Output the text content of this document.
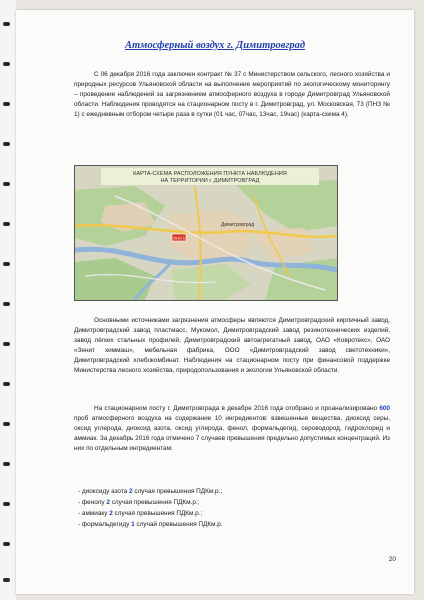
Атмосферный воздух г. Димитровград

С 06 декабря 2016 года заключен контракт № 37 с Министерством сельского, лесного хозяйства и природных ресурсов Ульяновской области на выполнение мероприятий по экологическому мониторингу – проведение наблюдений за загрязнением атмосферного воздуха в городе Димитровград Ульяновской области. Наблюдения проводятся на стационарном посту в г. Димитровград, ул. Московская, 73 (ПНЗ № 1) с ежедневным отбором четыре раза в сутки (01 час, 07час, 13час, 19час) (карта-схема 4).

КАРТА-СХЕМА РАСПОЛОЖЕНИЯ ПУНКТА НАБЛЮДЕНИЯ
НА ТЕРРИТОРИИ г. ДИМИТРОВГРАД
Димитровград
ПНЗ 1

Основными источниками загрязнения атмосферы являются Димитровградский кирпичный завод, Димитровградский завод пластмасс, Мукомол, Димитровградский завод резинотехнических изделий, завод лёгких стальных профилей, Димитровградский автоагрегатный завод, ОАО «Ковротекс», ОАО «Зенит химмаш», мебельная фабрика, ООО «Димитровградский завод светотехники», Димитровградский хлебокомбинат. Наблюдения на стационарном посту при финансовой поддержке Министерства лесного хозяйства, природопользования и экологии Ульяновской области.

На стационарном посту г. Димитровграда в декабре 2016 года отобрано и проанализировано 600 проб атмосферного воздуха на содержание 10 ингредиентов: взвешенные вещества, диоксид серы, оксид углерода, диоксид азота, оксид углерода, фенол, формальдегид, сероводород, гидрохлорид и аммиак. За декабрь 2016 года отмечено 7 случаев превышения предельно допустимых концентраций. Из них по отдельным ингредиентам:

- диоксиду азота 2 случая превышения ПДКм.р.;
- фенолу 2 случая превышения ПДКм.р.;
- аммиаку 2 случая превышения ПДКм.р.;
- формальдегиду 1 случай превышения ПДКм.р.
20
